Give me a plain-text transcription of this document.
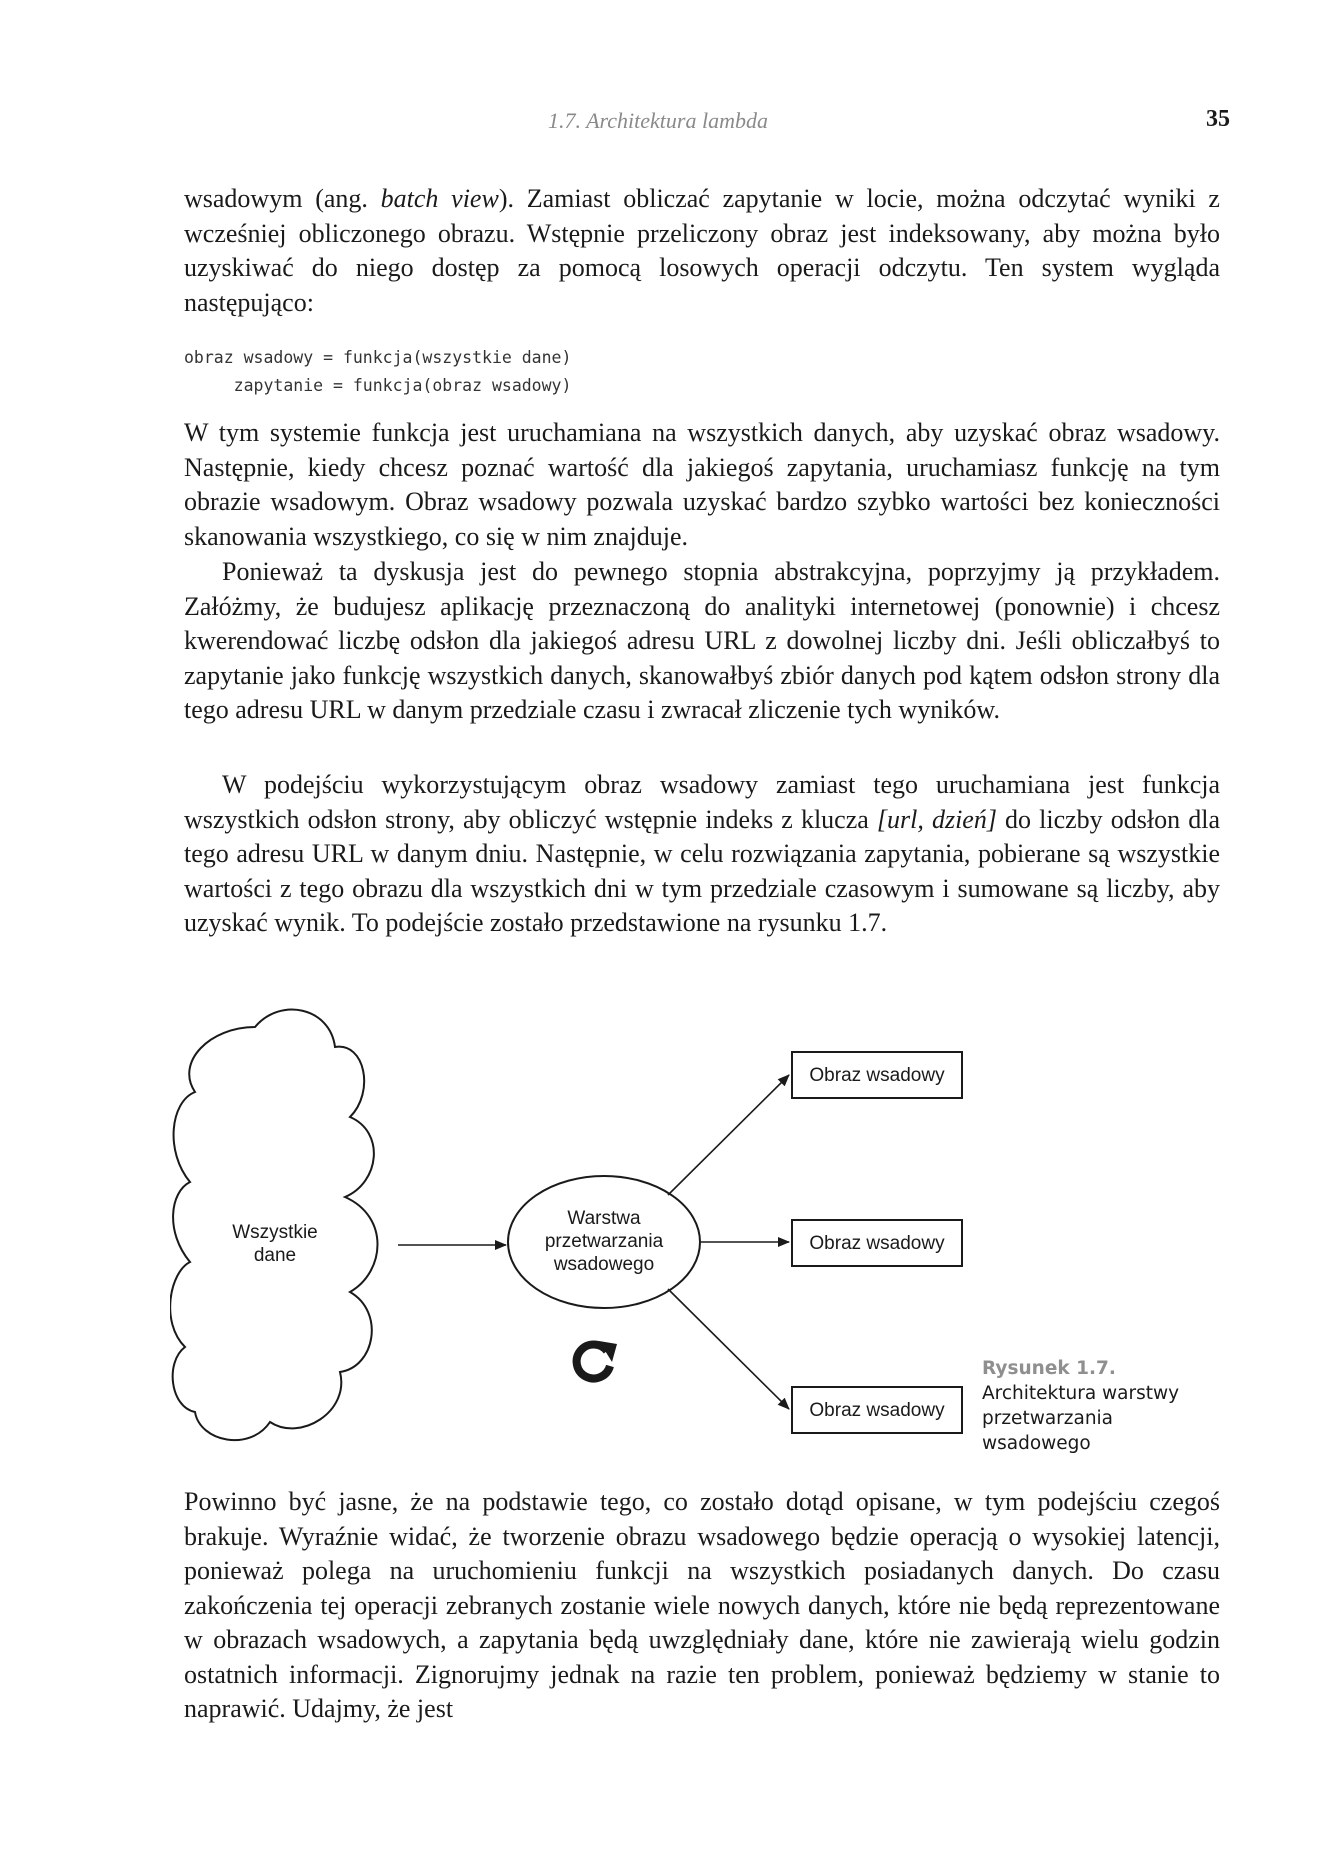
1.7. Architektura lambda	35

wsadowym (ang. batch view). Zamiast obliczać zapytanie w locie, można odczytać wyniki z wcześniej obliczonego obrazu. Wstępnie przeliczony obraz jest indeksowany, aby można było uzyskiwać do niego dostęp za pomocą losowych operacji odczytu. Ten system wygląda następująco:

obraz wsadowy = funkcja(wszystkie dane)
zapytanie = funkcja(obraz wsadowy)

W tym systemie funkcja jest uruchamiana na wszystkich danych, aby uzyskać obraz wsadowy. Następnie, kiedy chcesz poznać wartość dla jakiegoś zapytania, uruchamiasz funkcję na tym obrazie wsadowym. Obraz wsadowy pozwala uzyskać bardzo szybko wartości bez konieczności skanowania wszystkiego, co się w nim znajduje.

Ponieważ ta dyskusja jest do pewnego stopnia abstrakcyjna, poprzyjmy ją przykładem. Załóżmy, że budujesz aplikację przeznaczoną do analityki internetowej (ponownie) i chcesz kwerendować liczbę odsłon dla jakiegoś adresu URL z dowolnej liczby dni. Jeśli obliczałbyś to zapytanie jako funkcję wszystkich danych, skanowałbyś zbiór danych pod kątem odsłon strony dla tego adresu URL w danym przedziale czasu i zwracał zliczenie tych wyników.

W podejściu wykorzystującym obraz wsadowy zamiast tego uruchamiana jest funkcja wszystkich odsłon strony, aby obliczyć wstępnie indeks z klucza [url, dzień] do liczby odsłon dla tego adresu URL w danym dniu. Następnie, w celu rozwiązania zapytania, pobierane są wszystkie wartości z tego obrazu dla wszystkich dni w tym przedziale czasowym i sumowane są liczby, aby uzyskać wynik. To podejście zostało przedstawione na rysunku 1.7.

Wszystkie
dane
Warstwa
przetwarzania
wsadowego
Obraz wsadowy
Obraz wsadowy
Obraz wsadowy
Rysunek 1.7.
Architektura warstwy przetwarzania wsadowego

Powinno być jasne, że na podstawie tego, co zostało dotąd opisane, w tym podejściu czegoś brakuje. Wyraźnie widać, że tworzenie obrazu wsadowego będzie operacją o wysokiej latencji, ponieważ polega na uruchomieniu funkcji na wszystkich posiadanych danych. Do czasu zakończenia tej operacji zebranych zostanie wiele nowych danych, które nie będą reprezentowane w obrazach wsadowych, a zapytania będą uwzględniały dane, które nie zawierają wielu godzin ostatnich informacji. Zignorujmy jednak na razie ten problem, ponieważ będziemy w stanie to naprawić. Udajmy, że jest
